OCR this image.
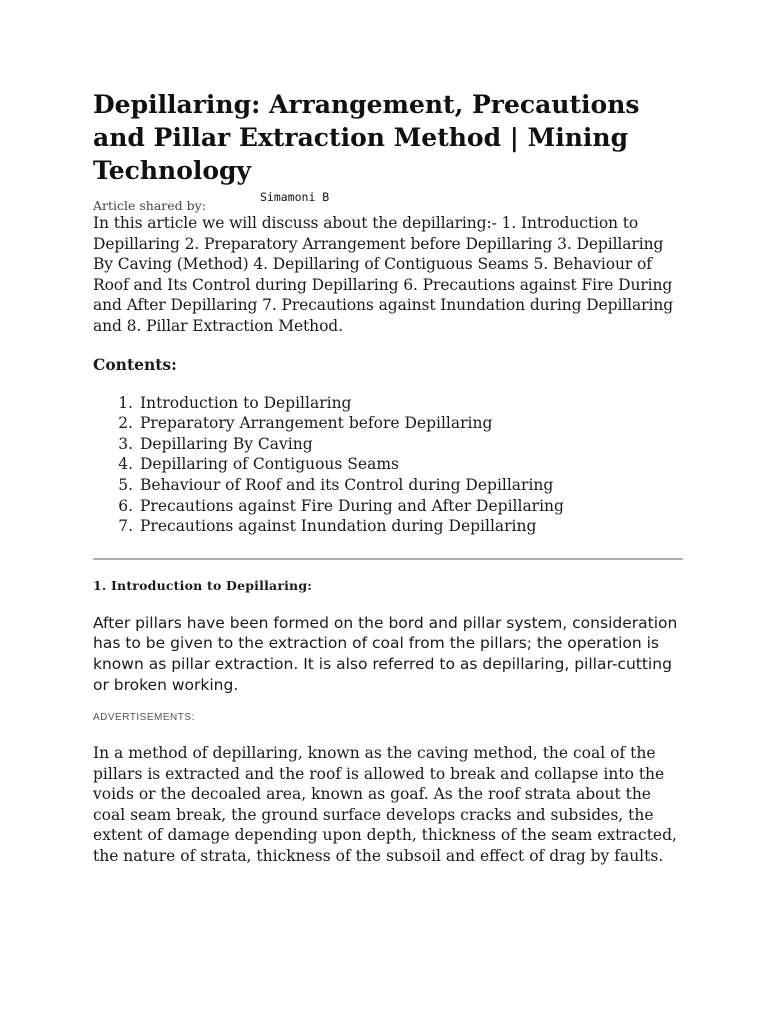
Depillaring: Arrangement, Precautions and Pillar Extraction Method | Mining Technology
Article shared by:
Simamoni B

In this article we will discuss about the depillaring:- 1. Introduction to Depillaring 2. Preparatory Arrangement before Depillaring 3. Depillaring By Caving (Method) 4. Depillaring of Contiguous Seams 5. Behaviour of Roof and Its Control during Depillaring 6. Precautions against Fire During and After Depillaring 7. Precautions against Inundation during Depillaring and 8. Pillar Extraction Method.

Contents:
1. Introduction to Depillaring
2. Preparatory Arrangement before Depillaring
3. Depillaring By Caving
4. Depillaring of Contiguous Seams
5. Behaviour of Roof and its Control during Depillaring
6. Precautions against Fire During and After Depillaring
7. Precautions against Inundation during Depillaring
1. Introduction to Depillaring:

After pillars have been formed on the bord and pillar system, consideration has to be given to the extraction of coal from the pillars; the operation is known as pillar extraction. It is also referred to as depillaring, pillar-cutting or broken working.

ADVERTISEMENTS:

In a method of depillaring, known as the caving method, the coal of the pillars is extracted and the roof is allowed to break and collapse into the voids or the decoaled area, known as goaf. As the roof strata about the coal seam break, the ground surface develops cracks and subsides, the extent of damage depending upon depth, thickness of the seam extracted, the nature of strata, thickness of the subsoil and effect of drag by faults.
